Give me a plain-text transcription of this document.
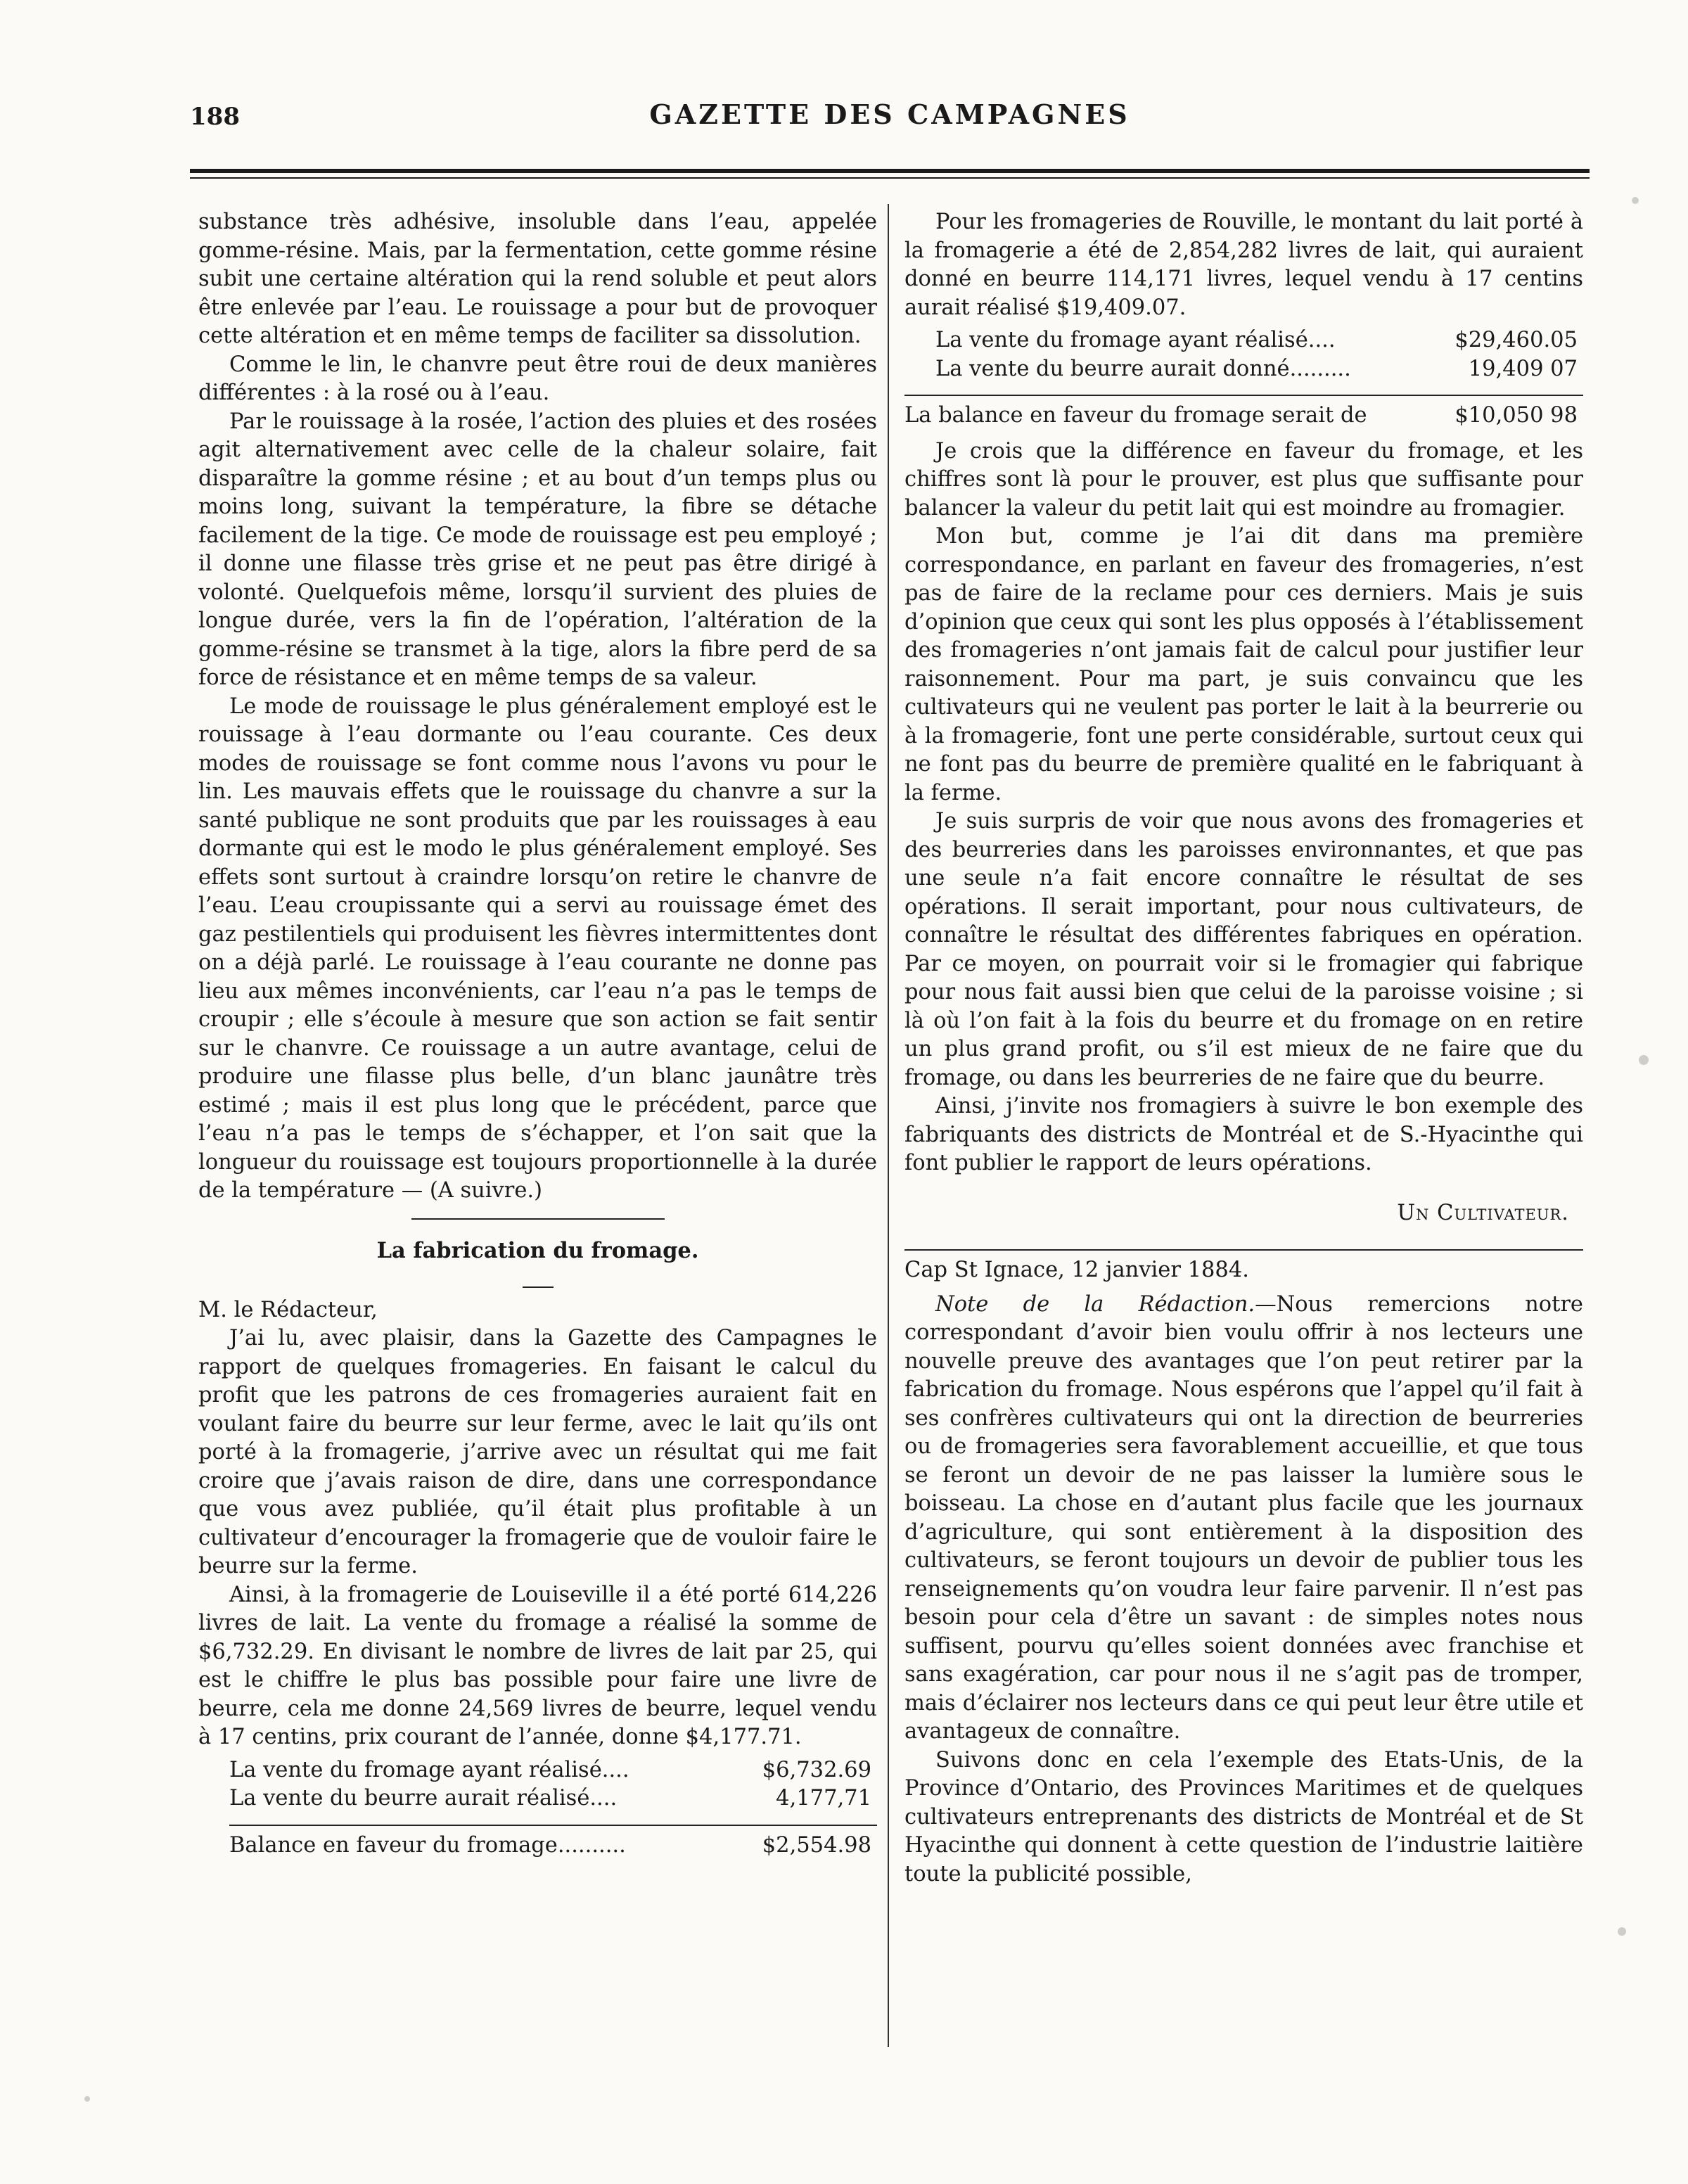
188	GAZETTE DES CAMPAGNES

substance très adhésive, insoluble dans l’eau, appelée gomme-résine. Mais, par la fermentation, cette gomme résine subit une certaine altération qui la rend soluble et peut alors être enlevée par l’eau. Le rouissage a pour but de provoquer cette altération et en même temps de faciliter sa dissolution.

Comme le lin, le chanvre peut être roui de deux manières différentes : à la rosé ou à l’eau.

Par le rouissage à la rosée, l’action des pluies et des rosées agit alternativement avec celle de la chaleur solaire, fait disparaître la gomme résine ; et au bout d’un temps plus ou moins long, suivant la température, la fibre se détache facilement de la tige. Ce mode de rouissage est peu employé ; il donne une filasse très grise et ne peut pas être dirigé à volonté. Quelquefois même, lorsqu’il survient des pluies de longue durée, vers la fin de l’opération, l’altération de la gomme-résine se transmet à la tige, alors la fibre perd de sa force de résistance et en même temps de sa valeur.

Le mode de rouissage le plus généralement employé est le rouissage à l’eau dormante ou l’eau courante. Ces deux modes de rouissage se font comme nous l’avons vu pour le lin. Les mauvais effets que le rouissage du chanvre a sur la santé publique ne sont produits que par les rouissages à eau dormante qui est le modo le plus généralement employé. Ses effets sont surtout à craindre lorsqu’on retire le chanvre de l’eau. L’eau croupissante qui a servi au rouissage émet des gaz pestilentiels qui produisent les fièvres intermittentes dont on a déjà parlé. Le rouissage à l’eau courante ne donne pas lieu aux mêmes inconvénients, car l’eau n’a pas le temps de croupir ; elle s’écoule à mesure que son action se fait sentir sur le chanvre. Ce rouissage a un autre avantage, celui de produire une filasse plus belle, d’un blanc jaunâtre très estimé ; mais il est plus long que le précédent, parce que l’eau n’a pas le temps de s’échapper, et l’on sait que la longueur du rouissage est toujours proportionnelle à la durée de la température — (A suivre.)

La fabrication du fromage.

M. le Rédacteur,

J’ai lu, avec plaisir, dans la Gazette des Campagnes le rapport de quelques fromageries. En faisant le calcul du profit que les patrons de ces fromageries auraient fait en voulant faire du beurre sur leur ferme, avec le lait qu’ils ont porté à la fromagerie, j’arrive avec un résultat qui me fait croire que j’avais raison de dire, dans une correspondance que vous avez publiée, qu’il était plus profitable à un cultivateur d’encourager la fromagerie que de vouloir faire le beurre sur la ferme.

Ainsi, à la fromagerie de Louiseville il a été porté 614,226 livres de lait. La vente du fromage a réalisé la somme de $6,732.29. En divisant le nombre de livres de lait par 25, qui est le chiffre le plus bas possible pour faire une livre de beurre, cela me donne 24,569 livres de beurre, lequel vendu à 17 centins, prix courant de l’année, donne $4,177.71.

La vente du fromage ayant réalisé....	$6,732.69
La vente du beurre aurait réalisé....	4,177,71
Balance en faveur du fromage..........	$2,554.98

Pour les fromageries de Rouville, le montant du lait porté à la fromagerie a été de 2,854,282 livres de lait, qui auraient donné en beurre 114,171 livres, lequel vendu à 17 centins aurait réalisé $19,409.07.

La vente du fromage ayant réalisé....	$29,460.05
La vente du beurre aurait donné.........	19,409 07
La balance en faveur du fromage serait de	$10,050 98

Je crois que la différence en faveur du fromage, et les chiffres sont là pour le prouver, est plus que suffisante pour balancer la valeur du petit lait qui est moindre au fromagier.

Mon but, comme je l’ai dit dans ma première correspondance, en parlant en faveur des fromageries, n’est pas de faire de la reclame pour ces derniers. Mais je suis d’opinion que ceux qui sont les plus opposés à l’établissement des fromageries n’ont jamais fait de calcul pour justifier leur raisonnement. Pour ma part, je suis convaincu que les cultivateurs qui ne veulent pas porter le lait à la beurrerie ou à la fromagerie, font une perte considérable, surtout ceux qui ne font pas du beurre de première qualité en le fabriquant à la ferme.

Je suis surpris de voir que nous avons des fromageries et des beurreries dans les paroisses environnantes, et que pas une seule n’a fait encore connaître le résultat de ses opérations. Il serait important, pour nous cultivateurs, de connaître le résultat des différentes fabriques en opération. Par ce moyen, on pourrait voir si le fromagier qui fabrique pour nous fait aussi bien que celui de la paroisse voisine ; si là où l’on fait à la fois du beurre et du fromage on en retire un plus grand profit, ou s’il est mieux de ne faire que du fromage, ou dans les beurreries de ne faire que du beurre.

Ainsi, j’invite nos fromagiers à suivre le bon exemple des fabriquants des districts de Montréal et de S.-Hyacinthe qui font publier le rapport de leurs opérations.

Un Cultivateur.

Cap St Ignace, 12 janvier 1884.

Note de la Rédaction.—Nous remercions notre correspondant d’avoir bien voulu offrir à nos lecteurs une nouvelle preuve des avantages que l’on peut retirer par la fabrication du fromage. Nous espérons que l’appel qu’il fait à ses confrères cultivateurs qui ont la direction de beurreries ou de fromageries sera favorablement accueillie, et que tous se feront un devoir de ne pas laisser la lumière sous le boisseau. La chose en d’autant plus facile que les journaux d’agriculture, qui sont entièrement à la disposition des cultivateurs, se feront toujours un devoir de publier tous les renseignements qu’on voudra leur faire parvenir. Il n’est pas besoin pour cela d’être un savant : de simples notes nous suffisent, pourvu qu’elles soient données avec franchise et sans exagération, car pour nous il ne s’agit pas de tromper, mais d’éclairer nos lecteurs dans ce qui peut leur être utile et avantageux de connaître.

Suivons donc en cela l’exemple des Etats-Unis, de la Province d’Ontario, des Provinces Maritimes et de quelques cultivateurs entreprenants des districts de Montréal et de St Hyacinthe qui donnent à cette question de l’industrie laitière toute la publicité possible,
